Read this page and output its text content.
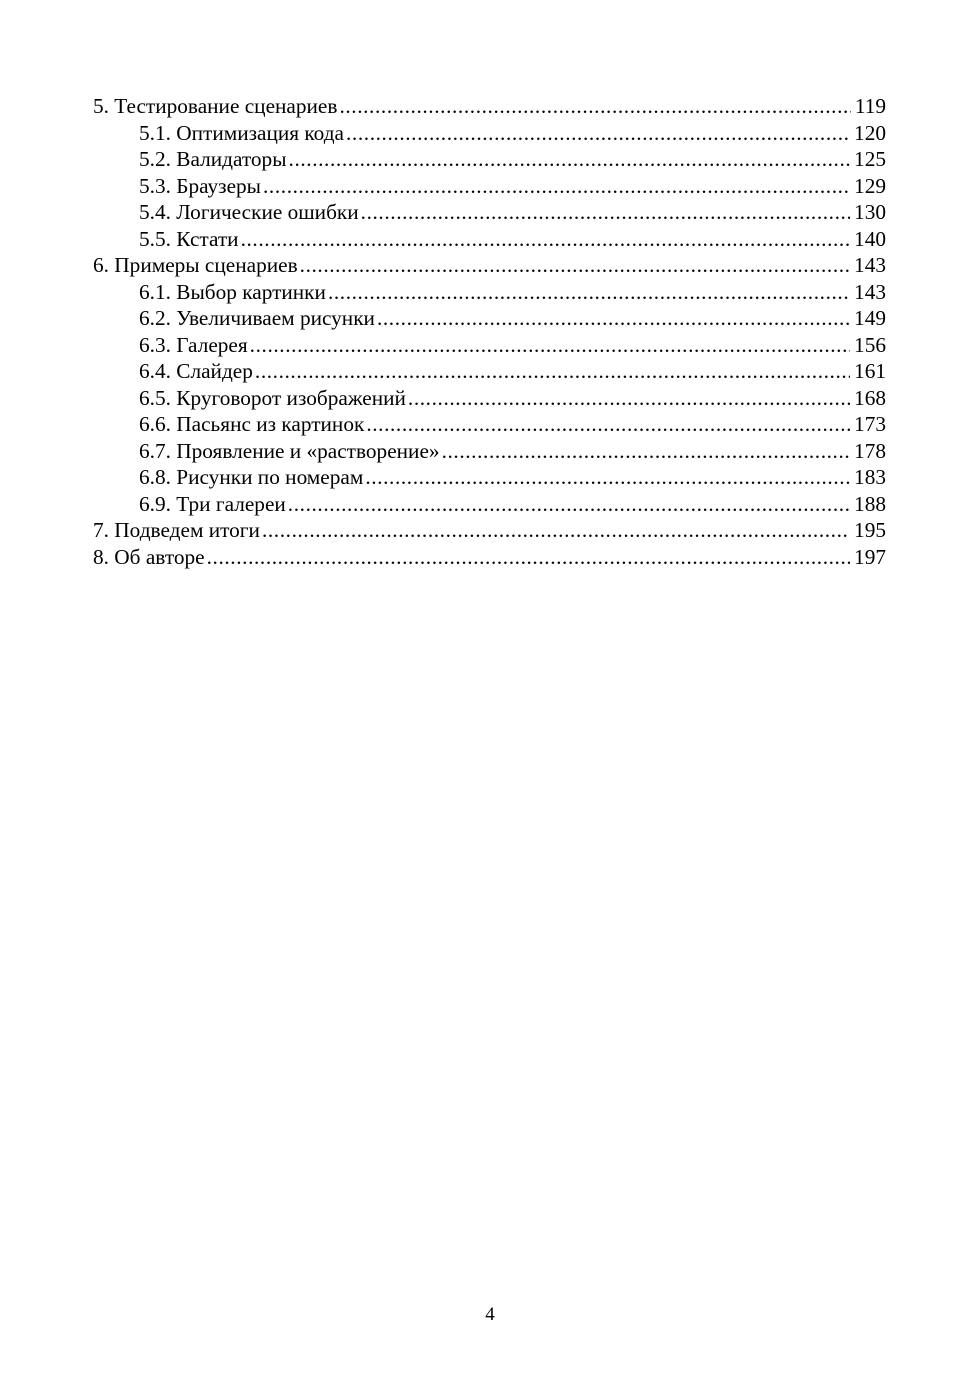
5. Тестирование сценариев .....	119
5.1. Оптимизация кода .....	120
5.2. Валидаторы .....	125
5.3. Браузеры .....	129
5.4. Логические ошибки .....	130
5.5. Кстати .....	140
6. Примеры сценариев .....	143
6.1. Выбор картинки .....	143
6.2. Увеличиваем рисунки .....	149
6.3. Галерея .....	156
6.4. Слайдер .....	161
6.5. Круговорот изображений .....	168
6.6. Пасьянс из картинок .....	173
6.7. Проявление и «растворение» .....	178
6.8. Рисунки по номерам .....	183
6.9. Три галереи .....	188
7. Подведем итоги .....	195
8. Об авторе .....	197
4
